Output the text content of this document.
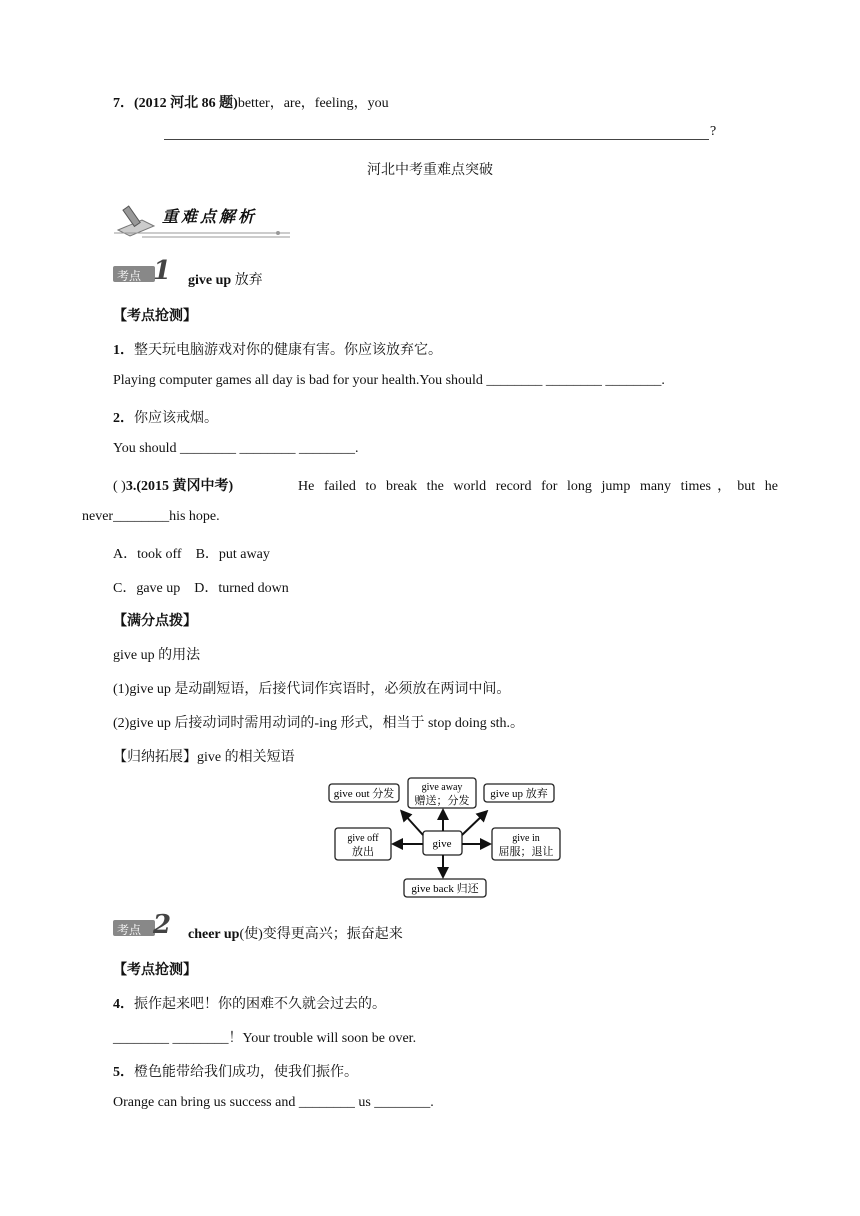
7．(2012 河北 86 题)better，are，feeling，you
?
河北中考重难点突破
重难点解析
考点 1 give up 放弃
【考点抢测】
1．整天玩电脑游戏对你的健康有害。你应该放弃它。
Playing computer games all day is bad for your health.You should ________ ________ ________.
2．你应该戒烟。
You should ________ ________ ________.
( )3.(2015 黄冈中考)	He failed to break the world record for long jump many times，but he
never________his hope.
A．took off　B．put away
C．gave up　D．turned down
【满分点拨】
give up 的用法
(1)give up 是动副短语，后接代词作宾语时，必须放在两词中间。
(2)give up 后接动词时需用动词的-ing 形式，相当于 stop doing sth.。
【归纳拓展】give 的相关短语
give out 分发
give away
赠送；分发
give up 放弃
give off
放出
give	give in
屈服；退让
give back 归还
考点 2 cheer up(使)变得更高兴；振奋起来
【考点抢测】
4．振作起来吧！你的困难不久就会过去的。
________ ________！Your trouble will soon be over.
5．橙色能带给我们成功，使我们振作。
Orange can bring us success and ________ us ________.
